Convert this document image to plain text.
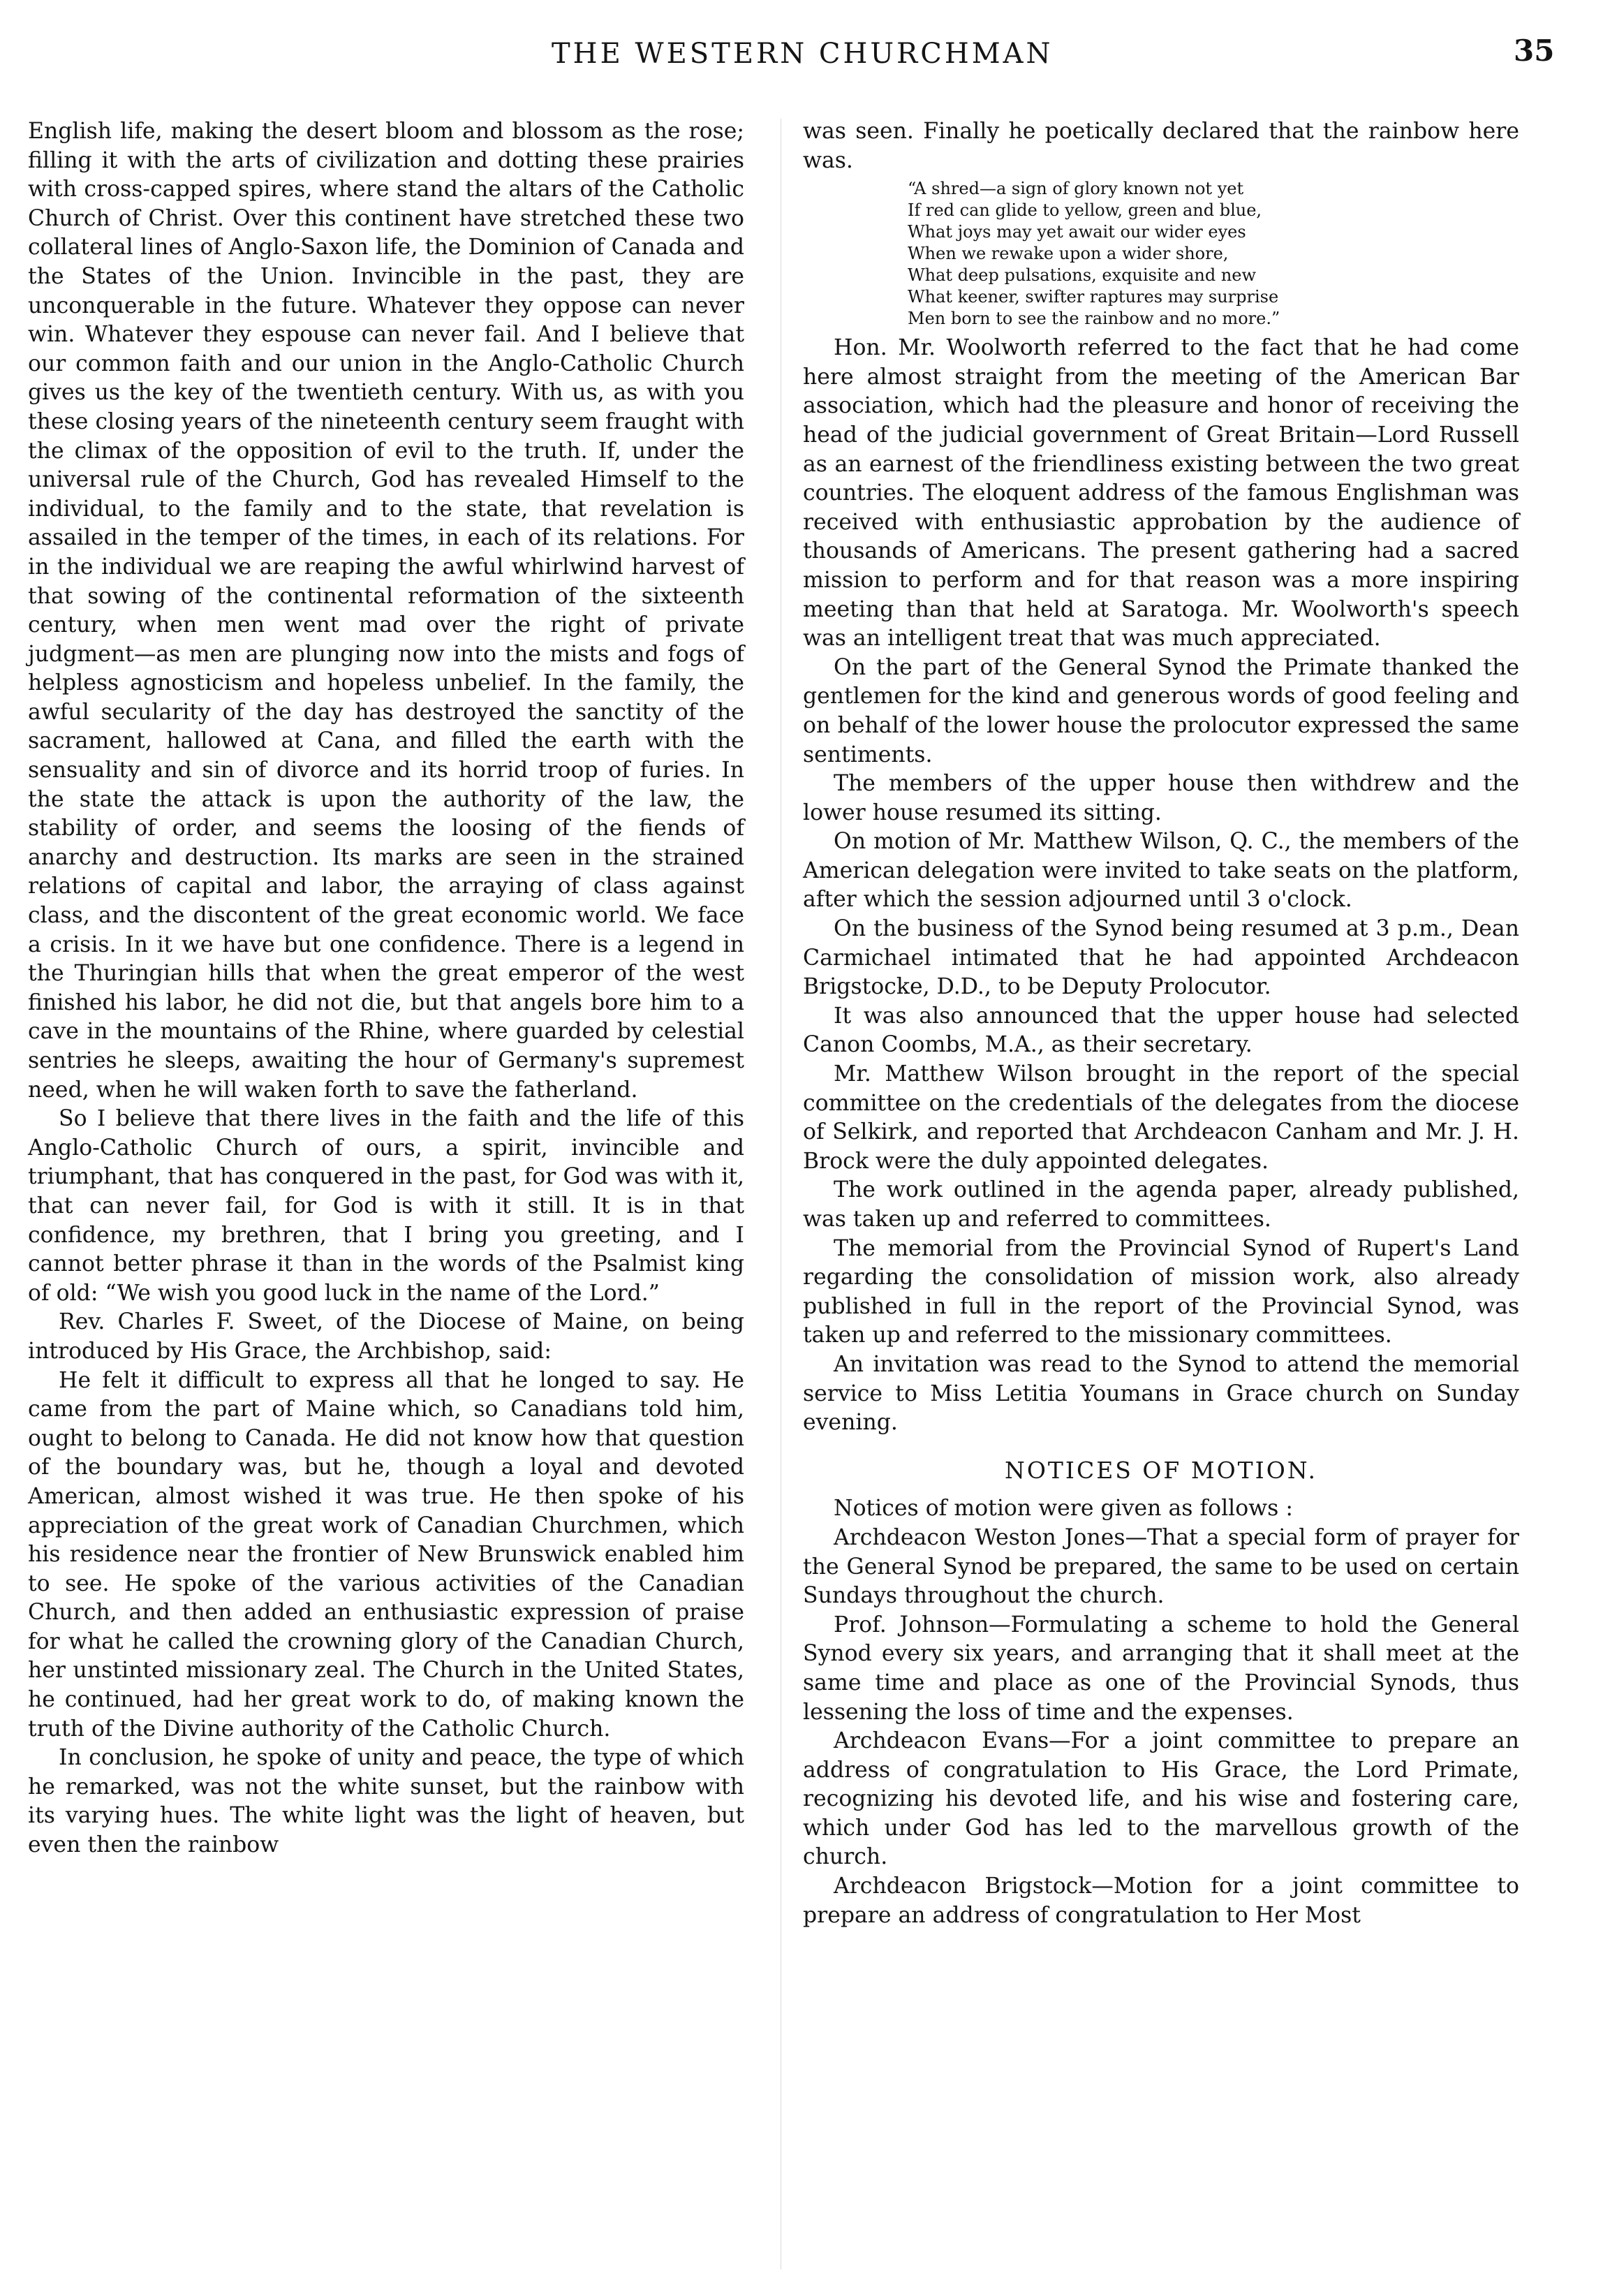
THE WESTERN CHURCHMAN	35

English life, making the desert bloom and blossom as the rose; filling it with the arts of civilization and dotting these prairies with cross-capped spires, where stand the altars of the Catholic Church of Christ. Over this continent have stretched these two collateral lines of Anglo-Saxon life, the Dominion of Canada and the States of the Union. Invincible in the past, they are unconquerable in the future. Whatever they oppose can never win. Whatever they espouse can never fail. And I believe that our common faith and our union in the Anglo-Catholic Church gives us the key of the twentieth century. With us, as with you these closing years of the nineteenth century seem fraught with the climax of the opposition of evil to the truth. If, under the universal rule of the Church, God has revealed Himself to the individual, to the family and to the state, that revelation is assailed in the temper of the times, in each of its relations. For in the individual we are reaping the awful whirlwind harvest of that sowing of the continental reformation of the sixteenth century, when men went mad over the right of private judgment—as men are plunging now into the mists and fogs of helpless agnosticism and hopeless unbelief. In the family, the awful secularity of the day has destroyed the sanctity of the sacrament, hallowed at Cana, and filled the earth with the sensuality and sin of divorce and its horrid troop of furies. In the state the attack is upon the authority of the law, the stability of order, and seems the loosing of the fiends of anarchy and destruction. Its marks are seen in the strained relations of capital and labor, the arraying of class against class, and the discontent of the great economic world. We face a crisis. In it we have but one confidence. There is a legend in the Thuringian hills that when the great emperor of the west finished his labor, he did not die, but that angels bore him to a cave in the mountains of the Rhine, where guarded by celestial sentries he sleeps, awaiting the hour of Germany's supremest need, when he will waken forth to save the fatherland.

So I believe that there lives in the faith and the life of this Anglo-Catholic Church of ours, a spirit, invincible and triumphant, that has conquered in the past, for God was with it, that can never fail, for God is with it still. It is in that confidence, my brethren, that I bring you greeting, and I cannot better phrase it than in the words of the Psalmist king of old: “We wish you good luck in the name of the Lord.”

Rev. Charles F. Sweet, of the Diocese of Maine, on being introduced by His Grace, the Archbishop, said:

He felt it difficult to express all that he longed to say. He came from the part of Maine which, so Canadians told him, ought to belong to Canada. He did not know how that question of the boundary was, but he, though a loyal and devoted American, almost wished it was true. He then spoke of his appreciation of the great work of Canadian Churchmen, which his residence near the frontier of New Brunswick enabled him to see. He spoke of the various activities of the Canadian Church, and then added an enthusiastic expression of praise for what he called the crowning glory of the Canadian Church, her unstinted missionary zeal. The Church in the United States, he continued, had her great work to do, of making known the truth of the Divine authority of the Catholic Church.

In conclusion, he spoke of unity and peace, the type of which he remarked, was not the white sunset, but the rainbow with its varying hues. The white light was the light of heaven, but even then the rainbow

was seen. Finally he poetically declared that the rainbow here was.

“A shred—a sign of glory known not yet
If red can glide to yellow, green and blue,
What joys may yet await our wider eyes
When we rewake upon a wider shore,
What deep pulsations, exquisite and new
What keener, swifter raptures may surprise
Men born to see the rainbow and no more.”

Hon. Mr. Woolworth referred to the fact that he had come here almost straight from the meeting of the American Bar association, which had the pleasure and honor of receiving the head of the judicial government of Great Britain—Lord Russell as an earnest of the friendliness existing between the two great countries. The eloquent address of the famous Englishman was received with enthusiastic approbation by the audience of thousands of Americans. The present gathering had a sacred mission to perform and for that reason was a more inspiring meeting than that held at Saratoga. Mr. Woolworth's speech was an intelligent treat that was much appreciated.

On the part of the General Synod the Primate thanked the gentlemen for the kind and generous words of good feeling and on behalf of the lower house the prolocutor expressed the same sentiments.

The members of the upper house then withdrew and the lower house resumed its sitting.

On motion of Mr. Matthew Wilson, Q. C., the members of the American delegation were invited to take seats on the platform, after which the session adjourned until 3 o'clock.

On the business of the Synod being resumed at 3 p.m., Dean Carmichael intimated that he had appointed Archdeacon Brigstocke, D.D., to be Deputy Prolocutor.

It was also announced that the upper house had selected Canon Coombs, M.A., as their secretary.

Mr. Matthew Wilson brought in the report of the special committee on the credentials of the delegates from the diocese of Selkirk, and reported that Archdeacon Canham and Mr. J. H. Brock were the duly appointed delegates.

The work outlined in the agenda paper, already published, was taken up and referred to committees.

The memorial from the Provincial Synod of Rupert's Land regarding the consolidation of mission work, also already published in full in the report of the Provincial Synod, was taken up and referred to the missionary committees.

An invitation was read to the Synod to attend the memorial service to Miss Letitia Youmans in Grace church on Sunday evening.

NOTICES OF MOTION.

Notices of motion were given as follows :

Archdeacon Weston Jones—That a special form of prayer for the General Synod be prepared, the same to be used on certain Sundays throughout the church.

Prof. Johnson—Formulating a scheme to hold the General Synod every six years, and arranging that it shall meet at the same time and place as one of the Provincial Synods, thus lessening the loss of time and the expenses.

Archdeacon Evans—For a joint committee to prepare an address of congratulation to His Grace, the Lord Primate, recognizing his devoted life, and his wise and fostering care, which under God has led to the marvellous growth of the church.

Archdeacon Brigstock—Motion for a joint committee to prepare an address of congratulation to Her Most
